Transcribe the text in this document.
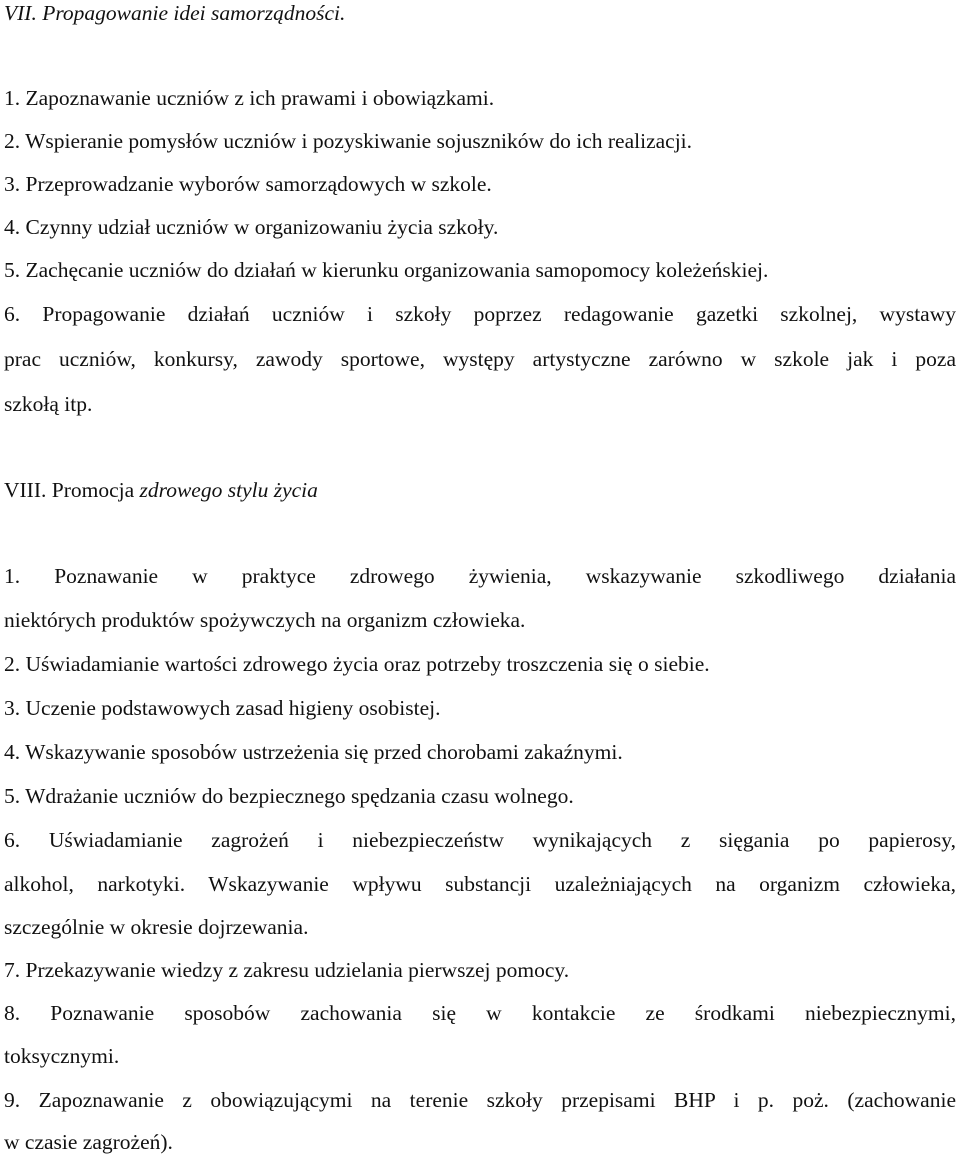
VII. Propagowanie idei samorządności.
1. Zapoznawanie uczniów z ich prawami i obowiązkami.
2. Wspieranie pomysłów uczniów i pozyskiwanie sojuszników do ich realizacji.
3. Przeprowadzanie wyborów samorządowych w szkole.
4. Czynny udział uczniów w organizowaniu życia szkoły.
5. Zachęcanie uczniów do działań w kierunku organizowania samopomocy koleżeńskiej.
6. Propagowanie działań uczniów i szkoły poprzez redagowanie gazetki szkolnej, wystawy
prac uczniów, konkursy, zawody sportowe, występy artystyczne zarówno w szkole jak i poza
szkołą itp.
VIII. Promocja zdrowego stylu życia
1. Poznawanie w praktyce zdrowego żywienia, wskazywanie szkodliwego działania
niektórych produktów spożywczych na organizm człowieka.
2. Uświadamianie wartości zdrowego życia oraz potrzeby troszczenia się o siebie.
3. Uczenie podstawowych zasad higieny osobistej.
4. Wskazywanie sposobów ustrzeżenia się przed chorobami zakaźnymi.
5. Wdrażanie uczniów do bezpiecznego spędzania czasu wolnego.
6. Uświadamianie zagrożeń i niebezpieczeństw wynikających z sięgania po papierosy,
alkohol, narkotyki. Wskazywanie wpływu substancji uzależniających na organizm człowieka,
szczególnie w okresie dojrzewania.
7. Przekazywanie wiedzy z zakresu udzielania pierwszej pomocy.
8. Poznawanie sposobów zachowania się w kontakcie ze środkami niebezpiecznymi,
toksycznymi.
9. Zapoznawanie z obowiązującymi na terenie szkoły przepisami BHP i p. poż. (zachowanie
w czasie zagrożeń).
